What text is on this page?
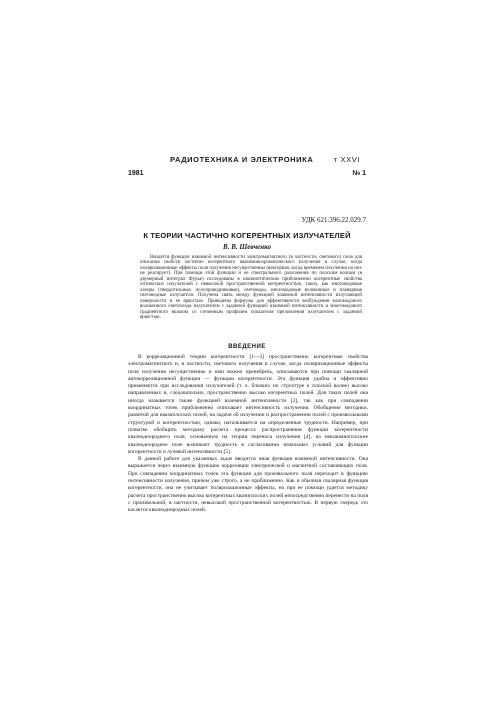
РАДИОТЕХНИКА И ЭЛЕКТРОНИКА	т XXVI
1981	№ 1
УДК 621.396.22.029.7
К ТЕОРИИ ЧАСТИЧНО КОГЕРЕНТНЫХ ИЗЛУЧАТЕЛЕЙ
В. В. Шевченко

Вводятся функции взаимной интенсивности электромагнитного (в частности, светового) поля для описания свойств частично когерентного квазимонохроматического излучения в случае, когда поляризационные эффекты поля излучения несущественны (векторная, когда временем излучения на них не реагирует). При помощи этой функции и ее спектрального разложения по плоским волнам (в двумерный интеграл Фурье) исследованы в квазиоптическом приближении когерентные свойства оптических излучателей с невысокой пространственной когерентностью, таких, как многомодовые лазеры (твердотельные, полупроводниковые), световоды, многомодовые волоконные и планарные световодные излучатели. Получена связь между функцией взаимной интенсивности излучающей поверхности и ее яркостью. Приведены формулы для эффективности возбуждения маломодового волоконного светоплода излучателем с заданной функцией взаимной интенсивности и многомодового градиентного волокна со степенным профилем показателя преломления излучателем с заданной яркостью.

ВВЕДЕНИЕ

В корреляционной теории когерентности [1—3] пространственно когерентные свойства электромагнитного и, в частности, светового излучения в случае, когда поляризационные эффекты поля излучения несущественны и ими можно пренебречь, описываются при помощи скалярной автокорреляционной функции — функции когерентности. Эта функция удобна и эффективно применяется при исследовании излучателей (т. е. близких по структуре к плоской волне) высоко направленных и, следовательно, пространственно высоко когерентных полей. Для таких полей она иногда называется также функцией взаимной интенсивности [2], так как при совпадении координатных точек приближенно описывает интенсивность излучения. Обобщение методики, развитой для квазиплоских полей, на задачи об излучении и распространении полей с произвольными структурой и когерентностью, однако, наталкивается на определенные трудности. Например, при попытке обобщить методику расчета процесса распространения функции когерентности квазиоднородного поля, основанную на теории переноса излучения [4], на невзаимноплоские квазиоднородное поле возникает трудность в согласовании начальных условий для функции когерентности и лучевой интенсивности [5].

В данной работе для указанных задач вводится иная функция взаимной интенсивности. Она выражается через взаимную функцию корреляции электрической и магнитной составляющих поля. При совпадении координатных точек эта функция для произвольного поля переходит в функцию интенсивности излучения, причем уже строго, а не приближенно. Как и обычная скалярная функция когерентности, она не учитывает поляризационные эффекты, но при ее помощи удается методику расчета пространственно высоко когерентных квазиплоских полей непосредственно перенести на поля с произвольной, в частности, невысокой пространственной когерентностью. В первую очередь это касается квазиоднородных полей.
